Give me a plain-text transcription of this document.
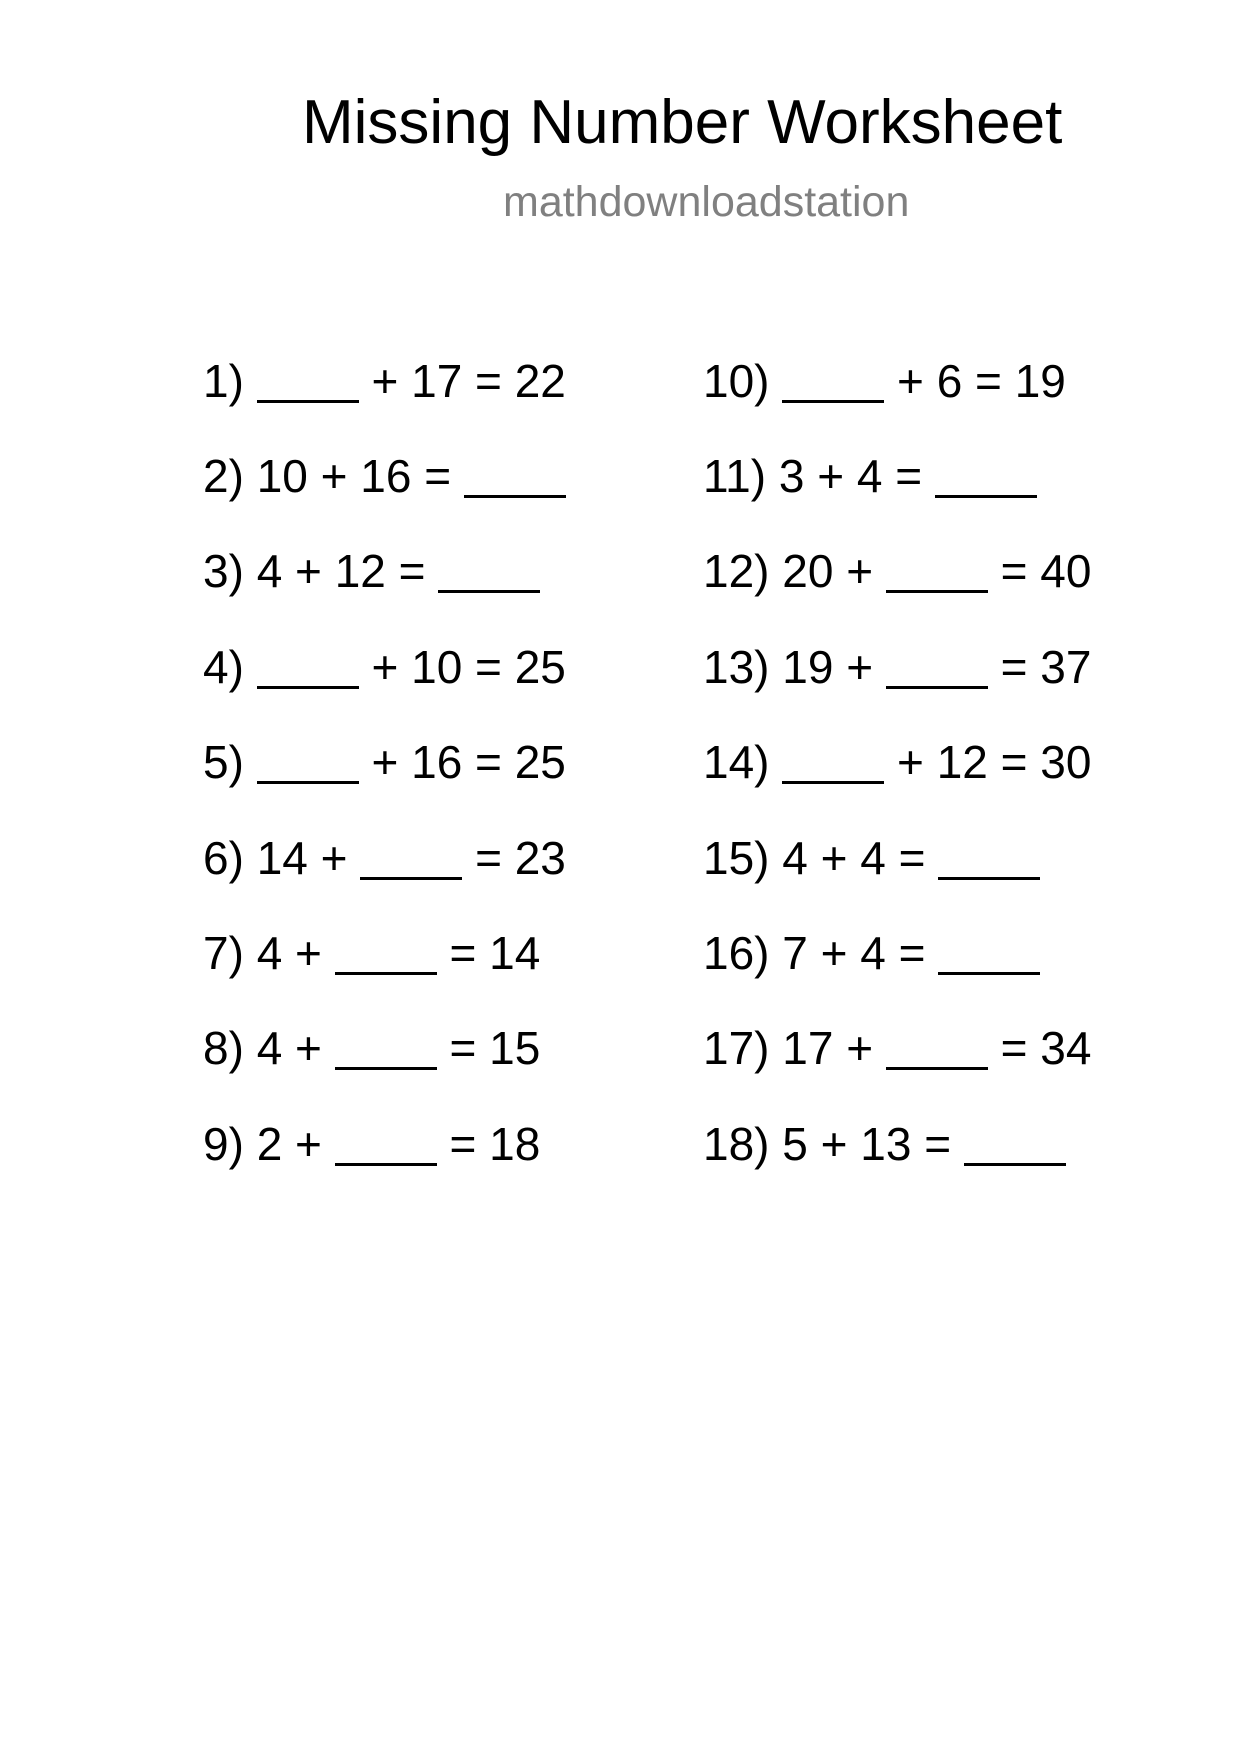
Missing Number Worksheet
mathdownloadstation
1)	+ 17 = 22
2) 10 + 16 =
3) 4 + 12 =
4)	+ 10 = 25
5)	+ 16 = 25
6) 14 +	= 23
7) 4 +	= 14
8) 4 +	= 15
9) 2 +	= 18
10)	+ 6 = 19
11) 3 + 4 =
12) 20 +	= 40
13) 19 +	= 37
14)	+ 12 = 30
15) 4 + 4 =
16) 7 + 4 =
17) 17 +	= 34
18) 5 + 13 =
